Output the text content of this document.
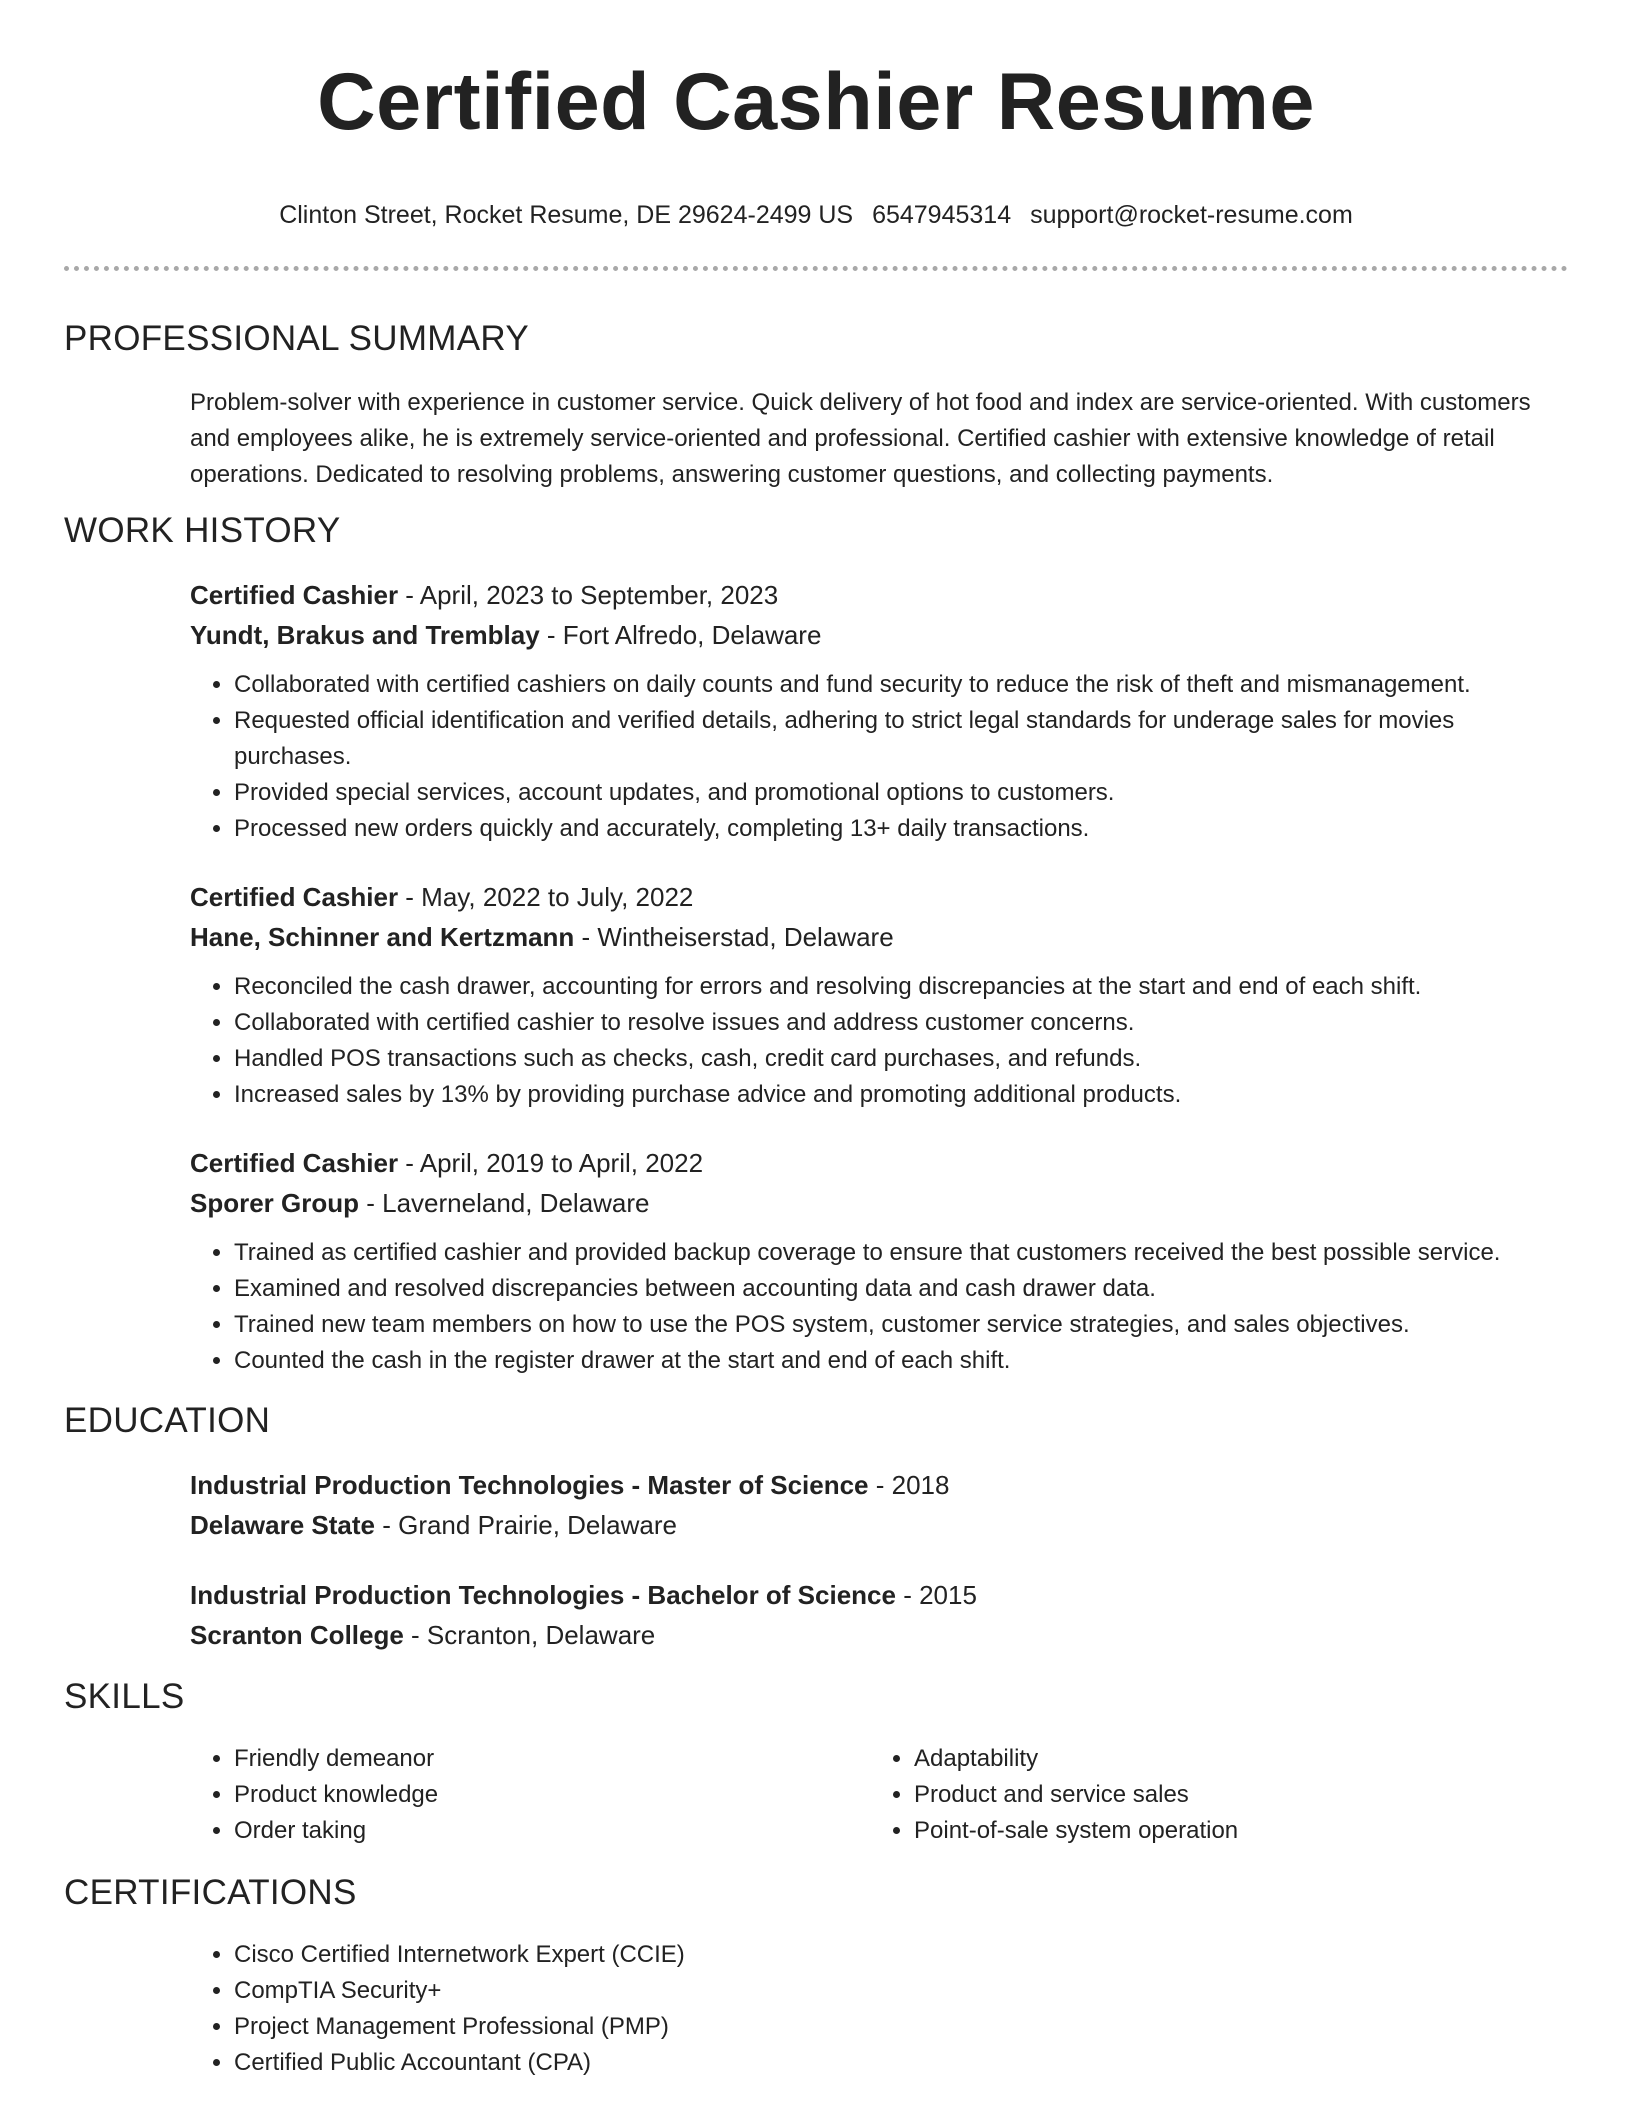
Certified Cashier Resume
Clinton Street, Rocket Resume, DE 29624-2499 US 6547945314 support@rocket-resume.com
PROFESSIONAL SUMMARY

Problem-solver with experience in customer service. Quick delivery of hot food and index are service-oriented. With customers and employees alike, he is extremely service-oriented and professional. Certified cashier with extensive knowledge of retail operations. Dedicated to resolving problems, answering customer questions, and collecting payments.

WORK HISTORY
Certified Cashier - April, 2023 to September, 2023
Yundt, Brakus and Tremblay - Fort Alfredo, Delaware
• Collaborated with certified cashiers on daily counts and fund security to reduce the risk of theft and mismanagement.
• Requested official identification and verified details, adhering to strict legal standards for underage sales for movies purchases.
• Provided special services, account updates, and promotional options to customers.
• Processed new orders quickly and accurately, completing 13+ daily transactions.
Certified Cashier - May, 2022 to July, 2022
Hane, Schinner and Kertzmann - Wintheiserstad, Delaware
• Reconciled the cash drawer, accounting for errors and resolving discrepancies at the start and end of each shift.
• Collaborated with certified cashier to resolve issues and address customer concerns.
• Handled POS transactions such as checks, cash, credit card purchases, and refunds.
• Increased sales by 13% by providing purchase advice and promoting additional products.
Certified Cashier - April, 2019 to April, 2022
Sporer Group - Laverneland, Delaware
• Trained as certified cashier and provided backup coverage to ensure that customers received the best possible service.
• Examined and resolved discrepancies between accounting data and cash drawer data.
• Trained new team members on how to use the POS system, customer service strategies, and sales objectives.
• Counted the cash in the register drawer at the start and end of each shift.
EDUCATION
Industrial Production Technologies - Master of Science - 2018
Delaware State - Grand Prairie, Delaware
Industrial Production Technologies - Bachelor of Science - 2015
Scranton College - Scranton, Delaware
SKILLS
• Friendly demeanor
• Product knowledge
• Order taking
• Adaptability
• Product and service sales
• Point-of-sale system operation
CERTIFICATIONS
• Cisco Certified Internetwork Expert (CCIE)
• CompTIA Security+
• Project Management Professional (PMP)
• Certified Public Accountant (CPA)
